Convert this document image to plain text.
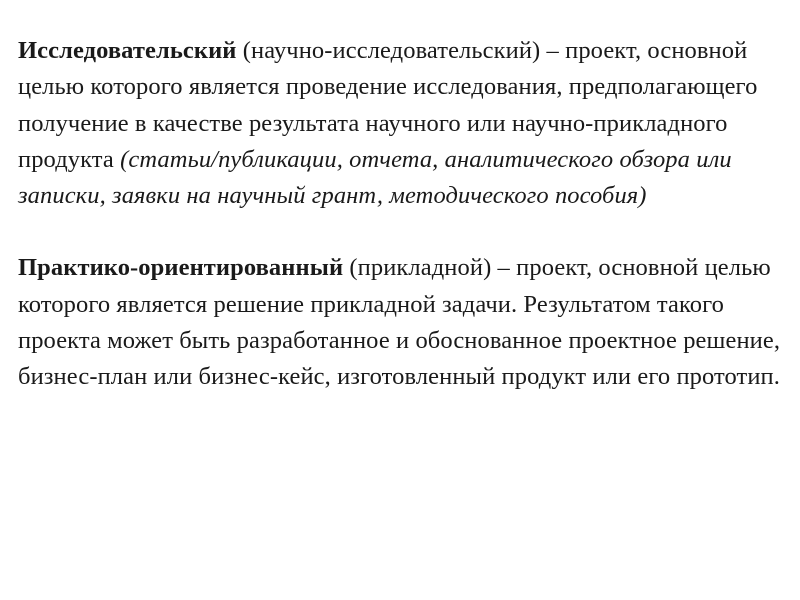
Исследовательский (научно-исследовательский) – проект, основной целью которого является проведение исследования, предполагающего получение в качестве результата научного или научно-прикладного продукта (статьи/публикации, отчета, аналитического обзора или записки, заявки на научный грант, методического пособия)

Практико-ориентированный (прикладной) – проект, основной целью которого является решение прикладной задачи. Результатом такого проекта может быть разработанное и обоснованное проектное решение, бизнес-план или бизнес-кейс, изготовленный продукт или его прототип.
